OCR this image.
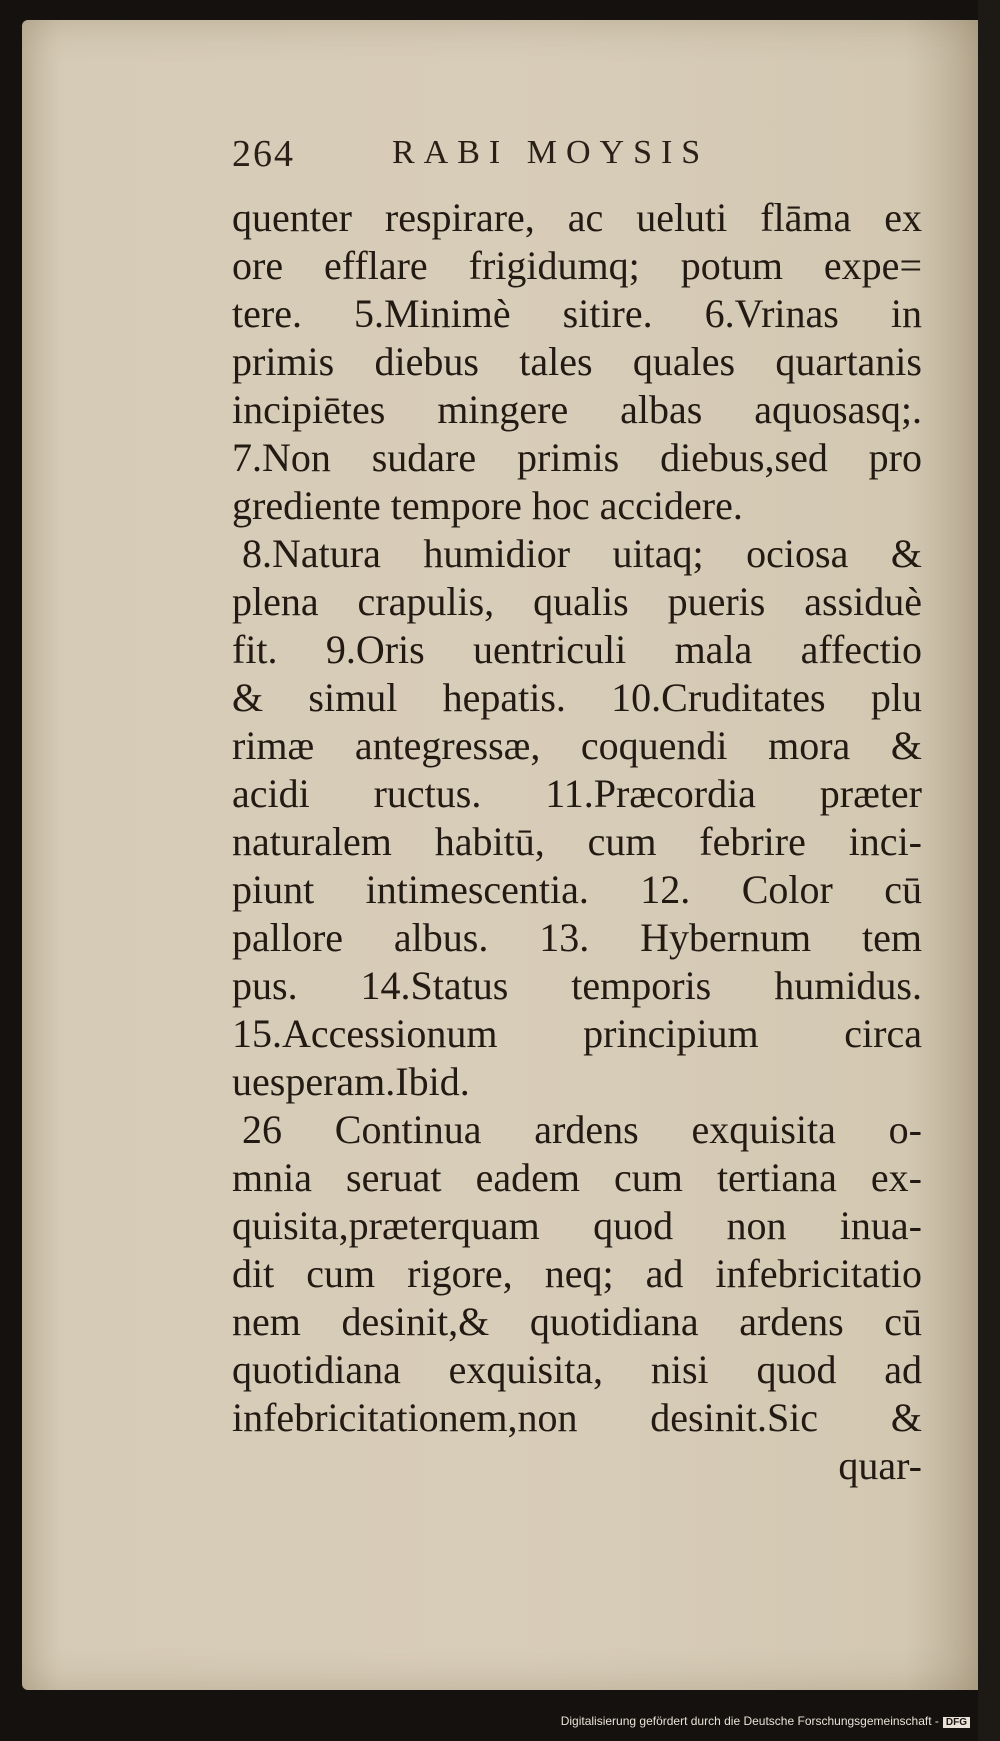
264	RABI MOYSIS
quenter respirare, ac ueluti flāma ex
ore efflare frigidumq; potum expe=
tere. 5.Minimè sitire. 6.Vrinas in
primis diebus tales quales quartanis
incipiētes mingere albas aquosasq;.
7.Non sudare primis diebus,sed pro
grediente tempore hoc accidere.
8.Natura humidior uitaq; ociosa &
plena crapulis, qualis pueris assiduè
fit. 9.Oris uentriculi mala affectio
& simul hepatis. 10.Cruditates plu
rimæ antegressæ, coquendi mora &
acidi ructus. 11.Præcordia præter
naturalem habitū, cum febrire inci-
piunt intimescentia. 12. Color cū
pallore albus. 13. Hybernum tem
pus. 14.Status temporis humidus.
15.Accessionum principium circa
uesperam.Ibid.
26 Continua ardens exquisita o-
mnia seruat eadem cum tertiana ex-
quisita,præterquam quod non inua-
dit cum rigore, neq; ad infebricitatio
nem desinit,& quotidiana ardens cū
quotidiana exquisita, nisi quod ad
infebricitationem,non desinit.Sic &
quar-
Digitalisierung gefördert durch die Deutsche Forschungsgemeinschaft - DFG
